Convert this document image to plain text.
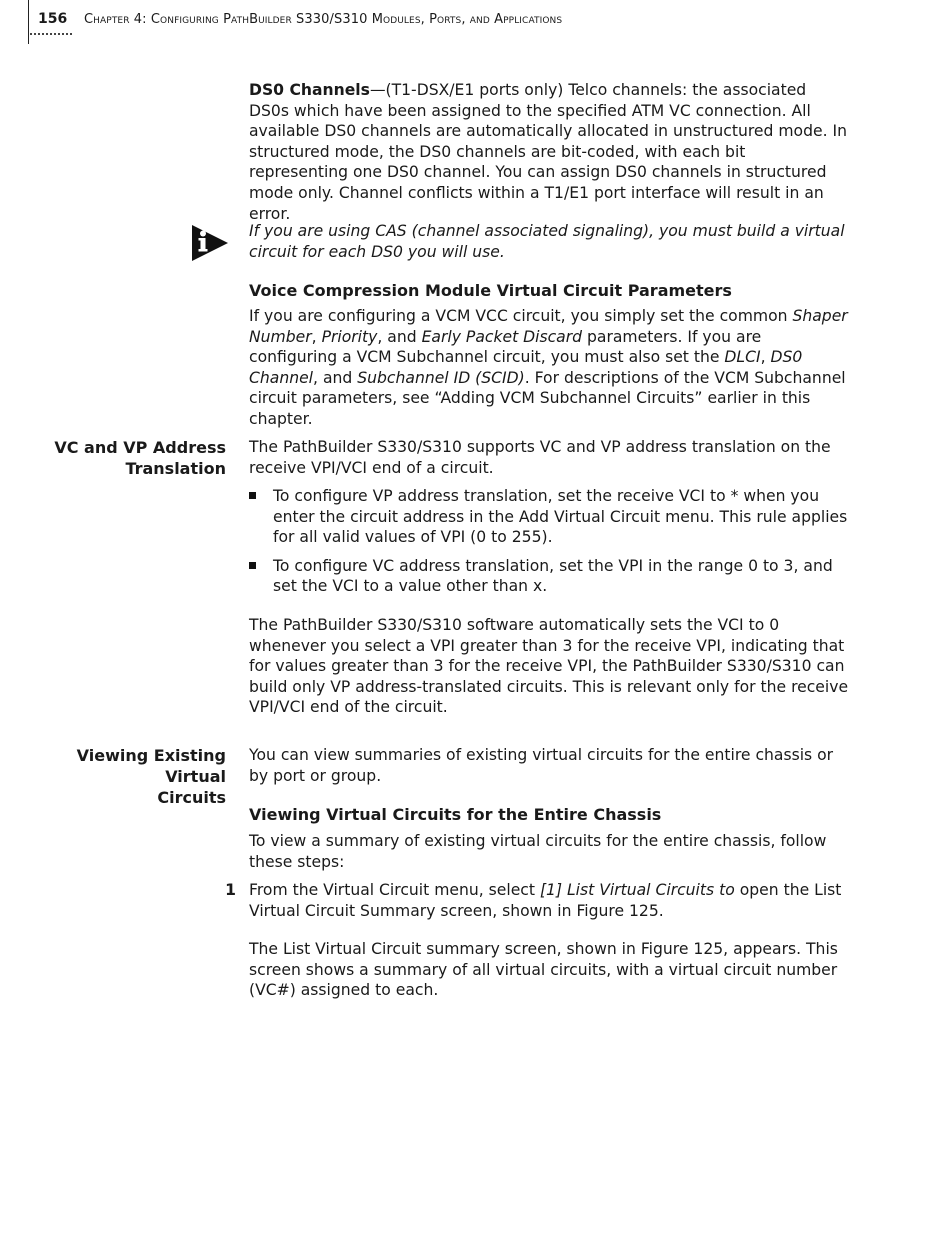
156 Chapter 4: Configuring PathBuilder S330/S310 Modules, Ports, and Applications

DS0 Channels—(T1-DSX/E1 ports only) Telco channels: the associated DS0s which have been assigned to the specified ATM VC connection. All available DS0 channels are automatically allocated in unstructured mode. In structured mode, the DS0 channels are bit-coded, with each bit representing one DS0 channel. You can assign DS0 channels in structured mode only. Channel conflicts within a T1/E1 port interface will result in an error.

If you are using CAS (channel associated signaling), you must build a virtual circuit for each DS0 you will use.
Voice Compression Module Virtual Circuit Parameters

If you are configuring a VCM VCC circuit, you simply set the common Shaper Number, Priority, and Early Packet Discard parameters. If you are configuring a VCM Subchannel circuit, you must also set the DLCI, DS0 Channel, and Subchannel ID (SCID). For descriptions of the VCM Subchannel circuit parameters, see “Adding VCM Subchannel Circuits” earlier in this chapter.

VC and VP Address
Translation
The PathBuilder S330/S310 supports VC and VP address translation on the receive VPI/VCI end of a circuit.
To configure VP address translation, set the receive VCI to * when you enter the circuit address in the Add Virtual Circuit menu. This rule applies for all valid values of VPI (0 to 255).
To configure VC address translation, set the VPI in the range 0 to 3, and set the VCI to a value other than x.
The PathBuilder S330/S310 software automatically sets the VCI to 0 whenever you select a VPI greater than 3 for the receive VPI, indicating that for values greater than 3 for the receive VPI, the PathBuilder S330/S310 can build only VP address-translated circuits. This is relevant only for the receive VPI/VCI end of the circuit.
Viewing Existing Virtual
Circuits
You can view summaries of existing virtual circuits for the entire chassis or by port or group.
Viewing Virtual Circuits for the Entire Chassis
To view a summary of existing virtual circuits for the entire chassis, follow these steps:
1 From the Virtual Circuit menu, select [1] List Virtual Circuits to open the List Virtual Circuit Summary screen, shown in Figure 125.

The List Virtual Circuit summary screen, shown in Figure 125, appears. This screen shows a summary of all virtual circuits, with a virtual circuit number (VC#) assigned to each.
